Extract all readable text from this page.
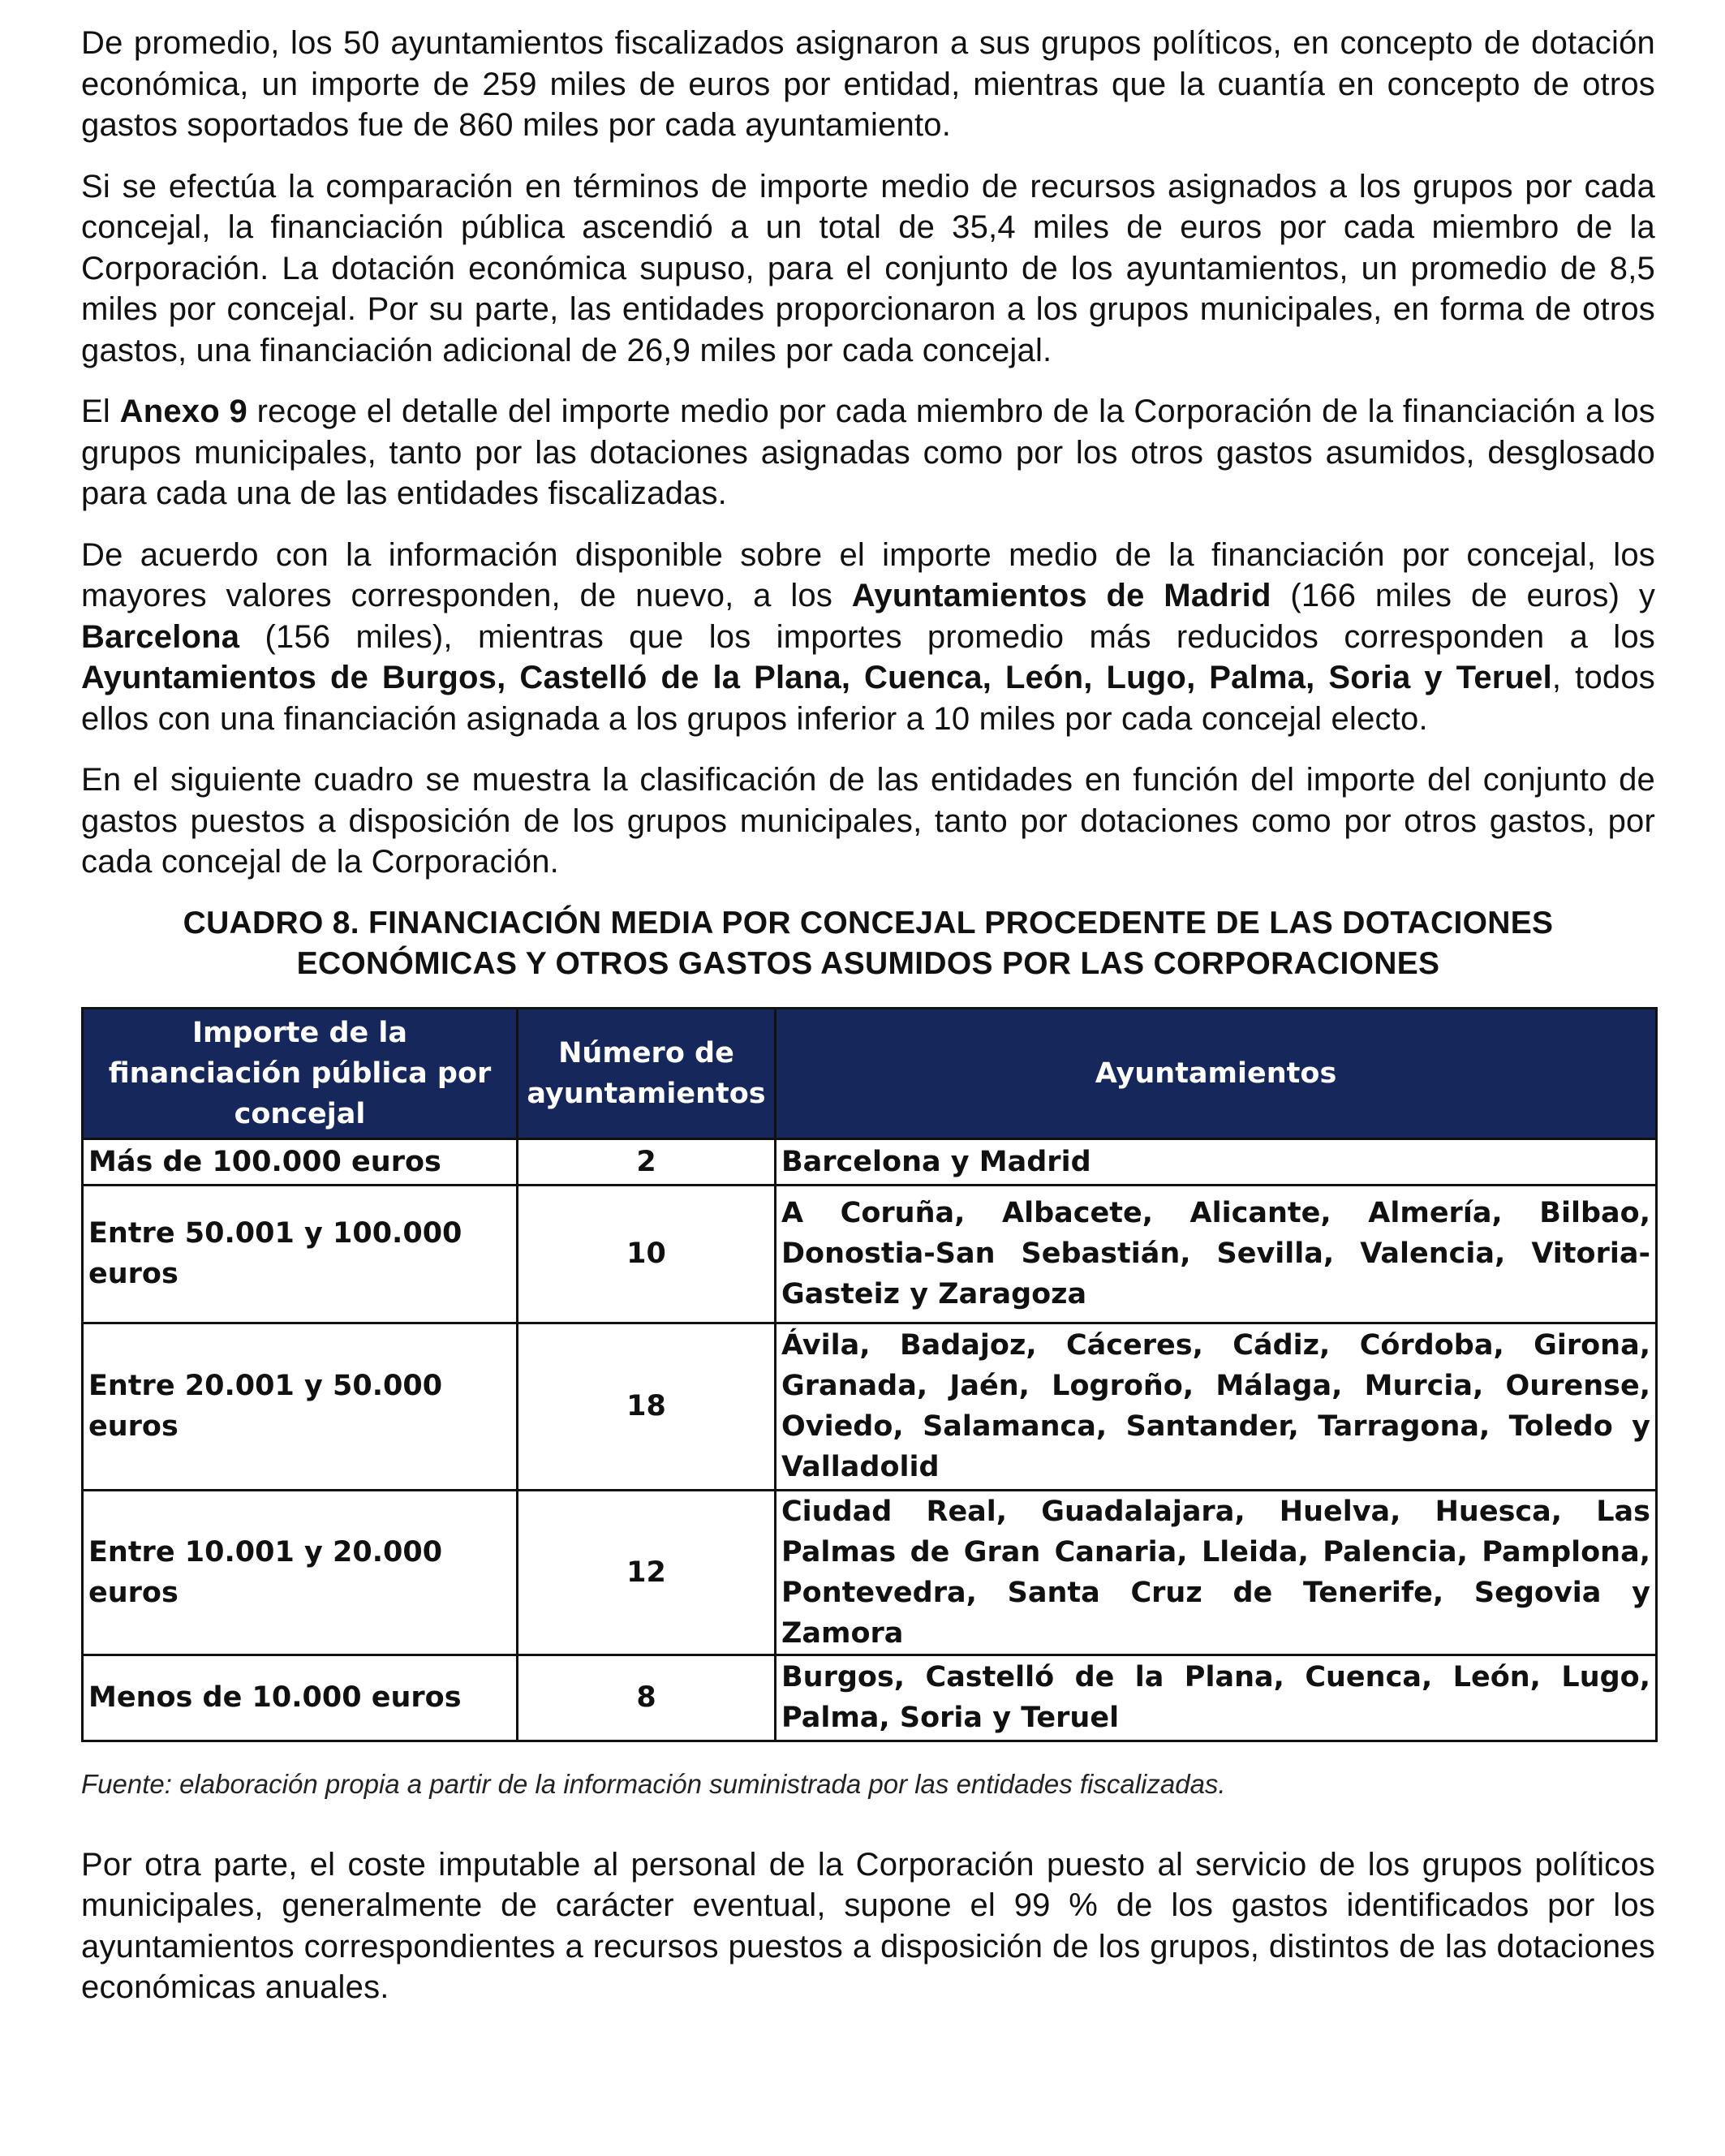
De promedio, los 50 ayuntamientos fiscalizados asignaron a sus grupos políticos, en concepto de dotación económica, un importe de 259 miles de euros por entidad, mientras que la cuantía en concepto de otros gastos soportados fue de 860 miles por cada ayuntamiento.

Si se efectúa la comparación en términos de importe medio de recursos asignados a los grupos por cada concejal, la financiación pública ascendió a un total de 35,4 miles de euros por cada miembro de la Corporación. La dotación económica supuso, para el conjunto de los ayuntamientos, un promedio de 8,5 miles por concejal. Por su parte, las entidades proporcionaron a los grupos municipales, en forma de otros gastos, una financiación adicional de 26,9 miles por cada concejal.

El Anexo 9 recoge el detalle del importe medio por cada miembro de la Corporación de la financiación a los grupos municipales, tanto por las dotaciones asignadas como por los otros gastos asumidos, desglosado para cada una de las entidades fiscalizadas.

De acuerdo con la información disponible sobre el importe medio de la financiación por concejal, los mayores valores corresponden, de nuevo, a los Ayuntamientos de Madrid (166 miles de euros) y Barcelona (156 miles), mientras que los importes promedio más reducidos corresponden a los Ayuntamientos de Burgos, Castelló de la Plana, Cuenca, León, Lugo, Palma, Soria y Teruel, todos ellos con una financiación asignada a los grupos inferior a 10 miles por cada concejal electo.

En el siguiente cuadro se muestra la clasificación de las entidades en función del importe del conjunto de gastos puestos a disposición de los grupos municipales, tanto por dotaciones como por otros gastos, por cada concejal de la Corporación.

CUADRO 8. FINANCIACIÓN MEDIA POR CONCEJAL PROCEDENTE DE LAS DOTACIONES
ECONÓMICAS Y OTROS GASTOS ASUMIDOS POR LAS CORPORACIONES
Importe de la financiación pública por concejal	Número de ayuntamientos	Ayuntamientos
Más de 100.000 euros	2	Barcelona y Madrid
Entre 50.001 y 100.000 euros	10	A Coruña, Albacete, Alicante, Almería, Bilbao, Donostia-San Sebastián, Sevilla, Valencia, Vitoria-Gasteiz y Zaragoza
Entre 20.001 y 50.000 euros	18	Ávila, Badajoz, Cáceres, Cádiz, Córdoba, Girona, Granada, Jaén, Logroño, Málaga, Murcia, Ourense, Oviedo, Salamanca, Santander, Tarragona, Toledo y Valladolid
Entre 10.001 y 20.000 euros	12	Ciudad Real, Guadalajara, Huelva, Huesca, Las Palmas de Gran Canaria, Lleida, Palencia, Pamplona, Pontevedra, Santa Cruz de Tenerife, Segovia y Zamora
Menos de 10.000 euros	8	Burgos, Castelló de la Plana, Cuenca, León, Lugo, Palma, Soria y Teruel
Fuente: elaboración propia a partir de la información suministrada por las entidades fiscalizadas.

Por otra parte, el coste imputable al personal de la Corporación puesto al servicio de los grupos políticos municipales, generalmente de carácter eventual, supone el 99 % de los gastos identificados por los ayuntamientos correspondientes a recursos puestos a disposición de los grupos, distintos de las dotaciones económicas anuales.
